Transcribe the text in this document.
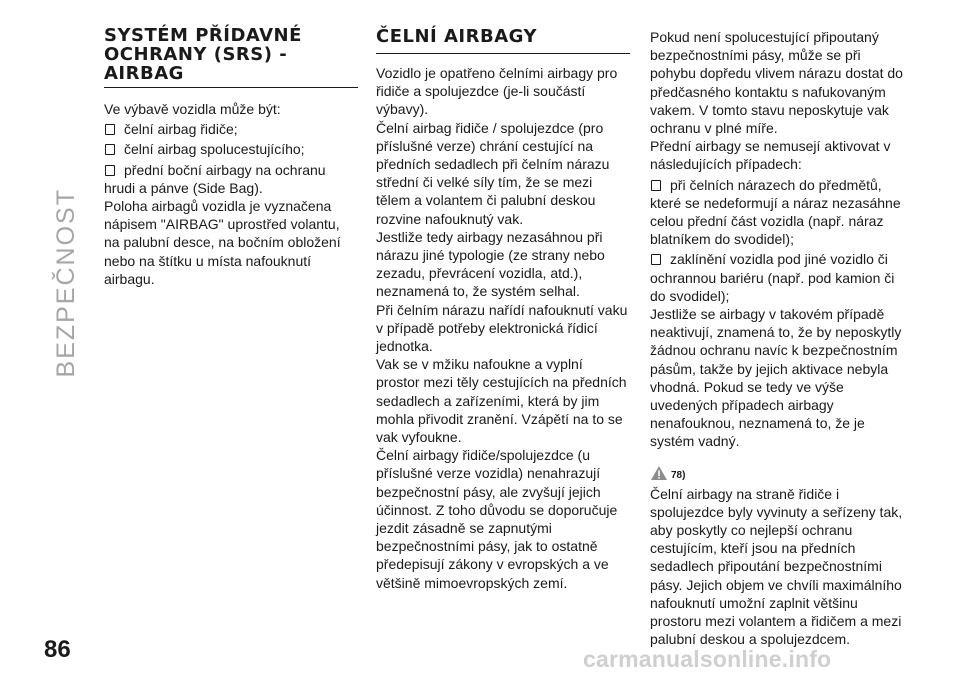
BEZPEČNOST
SYSTÉM PŘÍDAVNÉ OCHRANY (SRS) - AIRBAG

Ve výbavě vozidla může být:

čelní airbag řidiče;

čelní airbag spolucestujícího;

přední boční airbagy na ochranu hrudi a pánve (Side Bag).

Poloha airbagů vozidla je vyznačena nápisem "AIRBAG" uprostřed volantu, na palubní desce, na bočním obložení nebo na štítku u místa nafouknutí airbagu.

ČELNÍ AIRBAGY

Vozidlo je opatřeno čelními airbagy pro řidiče a spolujezdce (je-li součástí výbavy).

Čelní airbag řidiče / spolujezdce (pro příslušné verze) chrání cestující na předních sedadlech při čelním nárazu střední či velké síly tím, že se mezi tělem a volantem či palubní deskou rozvine nafouknutý vak.

Jestliže tedy airbagy nezasáhnou při nárazu jiné typologie (ze strany nebo zezadu, převrácení vozidla, atd.), neznamená to, že systém selhal.

Při čelním nárazu nařídí nafouknutí vaku v případě potřeby elektronická řídicí jednotka.

Vak se v mžiku nafoukne a vyplní prostor mezi těly cestujících na předních sedadlech a zařízeními, která by jim mohla přivodit zranění. Vzápětí na to se vak vyfoukne.

Čelní airbagy řidiče/spolujezdce (u příslušné verze vozidla) nenahrazují bezpečnostní pásy, ale zvyšují jejich účinnost. Z toho důvodu se doporučuje jezdit zásadně se zapnutými bezpečnostními pásy, jak to ostatně předepisují zákony v evropských a ve většině mimoevropských zemí.

Pokud není spolucestující připoutaný bezpečnostními pásy, může se při pohybu dopředu vlivem nárazu dostat do předčasného kontaktu s nafukovaným vakem. V tomto stavu neposkytuje vak ochranu v plné míře.

Přední airbagy se nemusejí aktivovat v následujících případech:

při čelních nárazech do předmětů, které se nedeformují a náraz nezasáhne celou přední část vozidla (např. náraz blatníkem do svodidel);

zaklínění vozidla pod jiné vozidlo či ochrannou bariéru (např. pod kamion či do svodidel);

Jestliže se airbagy v takovém případě neaktivují, znamená to, že by neposkytly žádnou ochranu navíc k bezpečnostním pásům, takže by jejich aktivace nebyla vhodná. Pokud se tedy ve výše uvedených případech airbagy nenafouknou, neznamená to, že je systém vadný.

78)

Čelní airbagy na straně řidiče i spolujezdce byly vyvinuty a seřízeny tak, aby poskytly co nejlepší ochranu cestujícím, kteří jsou na předních sedadlech připoutání bezpečnostními pásy. Jejich objem ve chvíli maximálního nafouknutí umožní zaplnit většinu prostoru mezi volantem a řidičem a mezi palubní deskou a spolujezdcem.

86	carmanualsonline.info
